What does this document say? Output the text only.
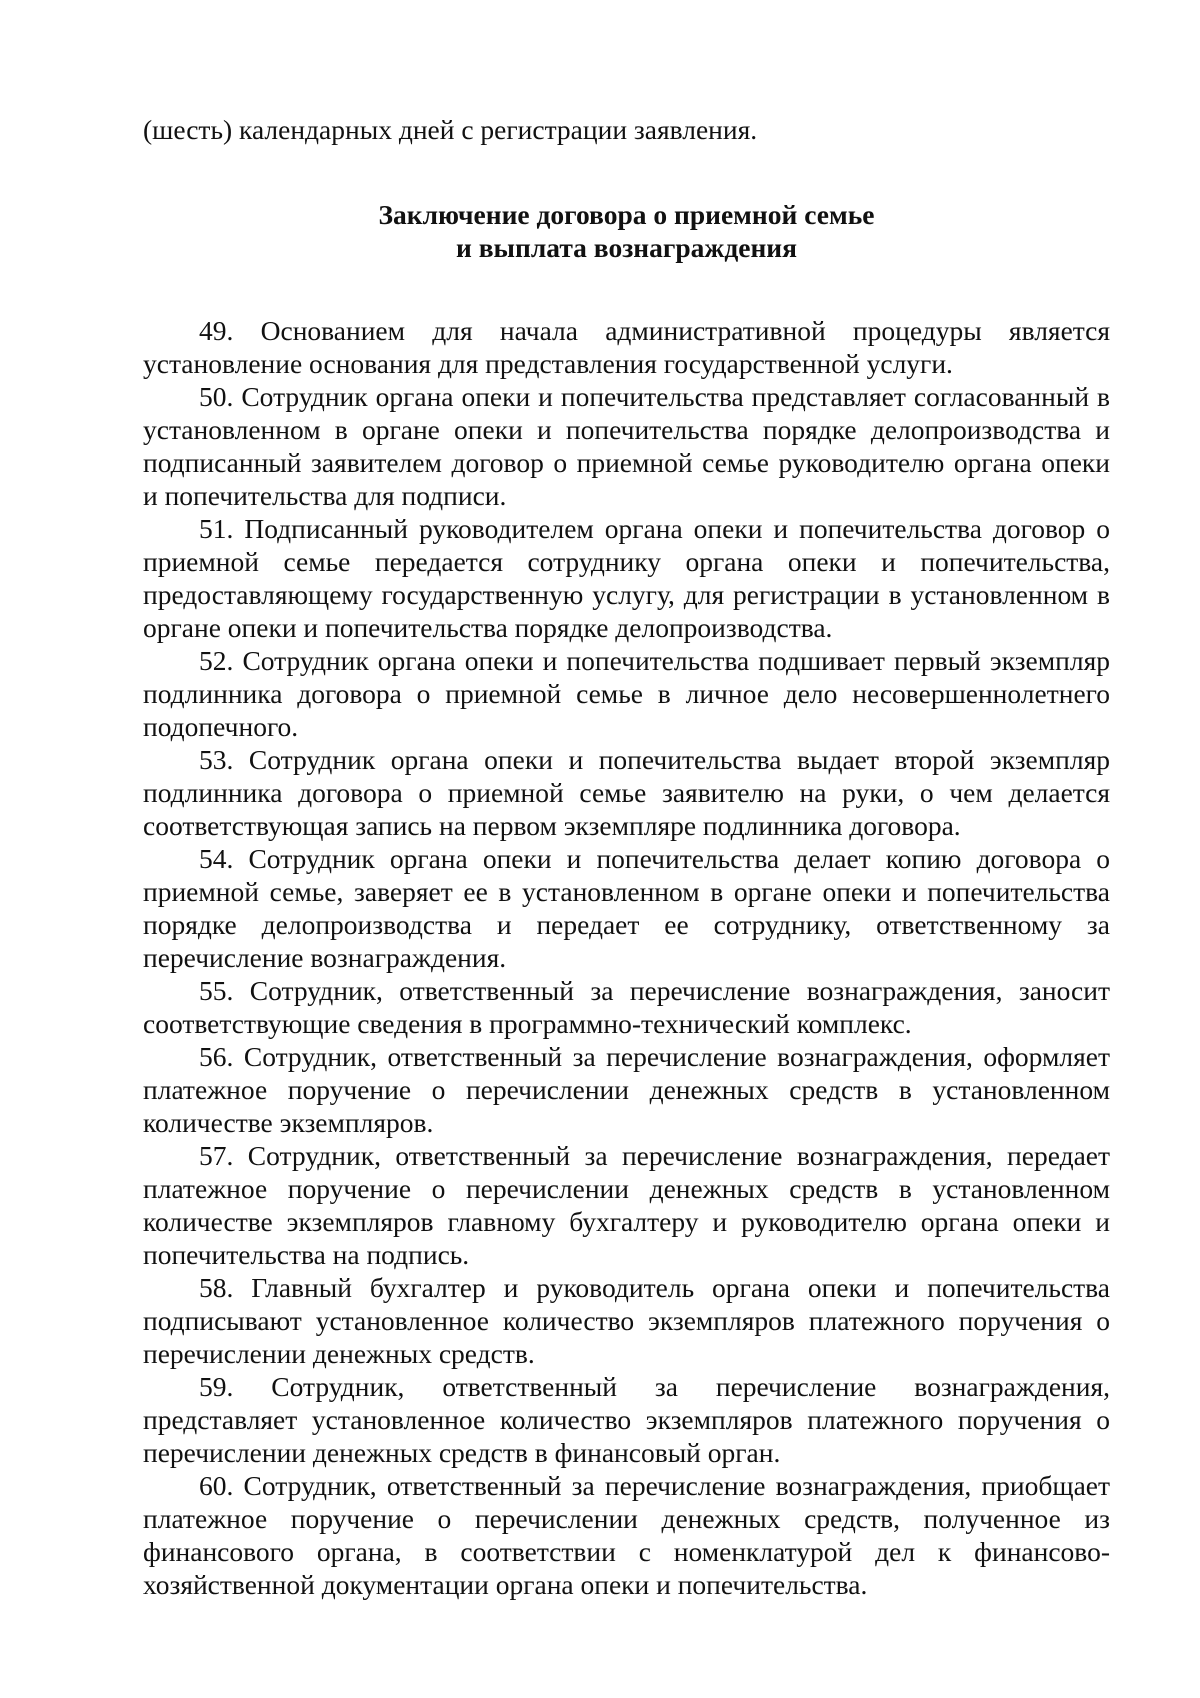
(шесть) календарных дней с регистрации заявления.

Заключение договора о приемной семье
и выплата вознаграждения

49. Основанием для начала административной процедуры является установление основания для представления государственной услуги.

50. Сотрудник органа опеки и попечительства представляет согласованный в установленном в органе опеки и попечительства порядке делопроизводства и подписанный заявителем договор о приемной семье руководителю органа опеки и попечительства для подписи.

51. Подписанный руководителем органа опеки и попечительства договор о приемной семье передается сотруднику органа опеки и попечительства, предоставляющему государственную услугу, для регистрации в установленном в органе опеки и попечительства порядке делопроизводства.

52. Сотрудник органа опеки и попечительства подшивает первый экземпляр подлинника договора о приемной семье в личное дело несовершеннолетнего подопечного.

53. Сотрудник органа опеки и попечительства выдает второй экземпляр подлинника договора о приемной семье заявителю на руки, о чем делается соответствующая запись на первом экземпляре подлинника договора.

54. Сотрудник органа опеки и попечительства делает копию договора о приемной семье, заверяет ее в установленном в органе опеки и попечительства порядке делопроизводства и передает ее сотруднику, ответственному за перечисление вознаграждения.

55. Сотрудник, ответственный за перечисление вознаграждения, заносит соответствующие сведения в программно-технический комплекс.

56. Сотрудник, ответственный за перечисление вознаграждения, оформляет платежное поручение о перечислении денежных средств в установленном количестве экземпляров.

57. Сотрудник, ответственный за перечисление вознаграждения, передает платежное поручение о перечислении денежных средств в установленном количестве экземпляров главному бухгалтеру и руководителю органа опеки и попечительства на подпись.

58. Главный бухгалтер и руководитель органа опеки и попечительства подписывают установленное количество экземпляров платежного поручения о перечислении денежных средств.

59. Сотрудник, ответственный за перечисление вознаграждения, представляет установленное количество экземпляров платежного поручения о перечислении денежных средств в финансовый орган.

60. Сотрудник, ответственный за перечисление вознаграждения, приобщает платежное поручение о перечислении денежных средств, полученное из финансового органа, в соответствии с номенклатурой дел к финансово-хозяйственной документации органа опеки и попечительства.
